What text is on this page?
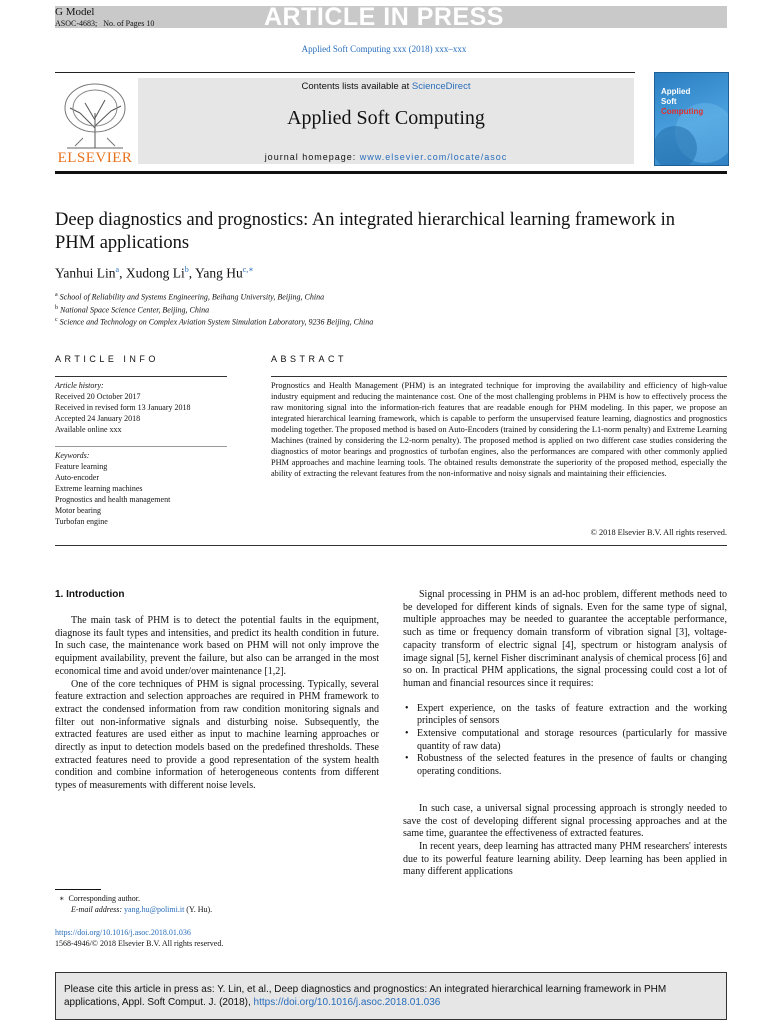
G Model
ASOC-4683; No. of Pages 10	ARTICLE IN PRESS
Applied Soft Computing xxx (2018) xxx–xxx
ELSEVIER
Contents lists available at ScienceDirect
Applied Soft Computing
journal homepage: www.elsevier.com/locate/asoc
Applied
Soft
Computing
Deep diagnostics and prognostics: An integrated hierarchical learning framework in PHM applications
Yanhui Lin$^a$, Xudong Li$^b$, Yang $Hu^{c,∗}$
$^a$ School of Reliability and Systems Engineering, Beihang University, Beijing, China
$^b$ National Space Science Center, Beijing, China
$^c$ Science and Technology on Complex Aviation System Simulation Laboratory, 9236 Beijing, China
ARTICLE INFO	ABSTRACT
Article history:
Received 20 October 2017
Received in revised form 13 January 2018
Accepted 24 January 2018
Available online xxx
Keywords:
Feature learning
Auto-encoder
Extreme learning machines
Prognostics and health management
Motor bearing
Turbofan engine
Prognostics and Health Management (PHM) is an integrated technique for improving the availability and efficiency of high-value industry equipment and reducing the maintenance cost. One of the most challenging problems in PHM is how to effectively process the raw monitoring signal into the information-rich features that are readable enough for PHM modeling. In this paper, we propose an integrated hierarchical learning framework, which is capable to perform the unsupervised feature learning, diagnostics and prognostics modeling together. The proposed method is based on Auto-Encoders (trained by considering the L1-norm penalty) and Extreme Learning Machines (trained by considering the L2-norm penalty). The proposed method is applied on two different case studies considering the diagnostics of motor bearings and prognostics of turbofan engines, also the performances are compared with other commonly applied PHM approaches and machine learning tools. The obtained results demonstrate the superiority of the proposed method, especially the ability of extracting the relevant features from the non-informative and noisy signals and maintaining their efficiencies.
© 2018 Elsevier B.V. All rights reserved.
1. Introduction

The main task of PHM is to detect the potential faults in the equipment, diagnose its fault types and intensities, and predict its health condition in future. In such case, the maintenance work based on PHM will not only improve the equipment availability, prevent the failure, but also can be arranged in the most economical time and avoid under/over maintenance [1,2].

One of the core techniques of PHM is signal processing. Typically, several feature extraction and selection approaches are required in PHM framework to extract the condensed information from raw condition monitoring signals and filter out non-informative signals and disturbing noise. Subsequently, the extracted features are used either as input to machine learning approaches or directly as input to detection models based on the predefined thresholds. These extracted features need to provide a good representation of the system health condition and combine information of heterogeneous contents from different types of measurements with different noise levels.

Signal processing in PHM is an ad-hoc problem, different methods need to be developed for different kinds of signals. Even for the same type of signal, multiple approaches may be needed to guarantee the acceptable performance, such as time or frequency domain transform of vibration signal [3], voltage-capacity transform of electric signal [4], spectrum or histogram analysis of image signal [5], kernel Fisher discriminant analysis of chemical process [6] and so on. In practical PHM applications, the signal processing could cost a lot of human and financial resources since it requires:

• Expert experience, on the tasks of feature extraction and the working principles of sensors
• Extensive computational and storage resources (particularly for massive quantity of raw data)
• Robustness of the selected features in the presence of faults or changing operating conditions.

In such case, a universal signal processing approach is strongly needed to save the cost of developing different signal processing approaches and at the same time, guarantee the effectiveness of extracted features.

In recent years, deep learning has attracted many PHM researchers' interests due to its powerful feature learning ability. Deep learning has been applied in many different applications

∗ Corresponding author.
E-mail address: yang.hu@polimi.it (Y. Hu).
https://doi.org/10.1016/j.asoc.2018.01.036
1568-4946/© 2018 Elsevier B.V. All rights reserved.
Please cite this article in press as: Y. Lin, et al., Deep diagnostics and prognostics: An integrated hierarchical learning framework in PHM applications, Appl. Soft Comput. J. (2018), https://doi.org/10.1016/j.asoc.2018.01.036
